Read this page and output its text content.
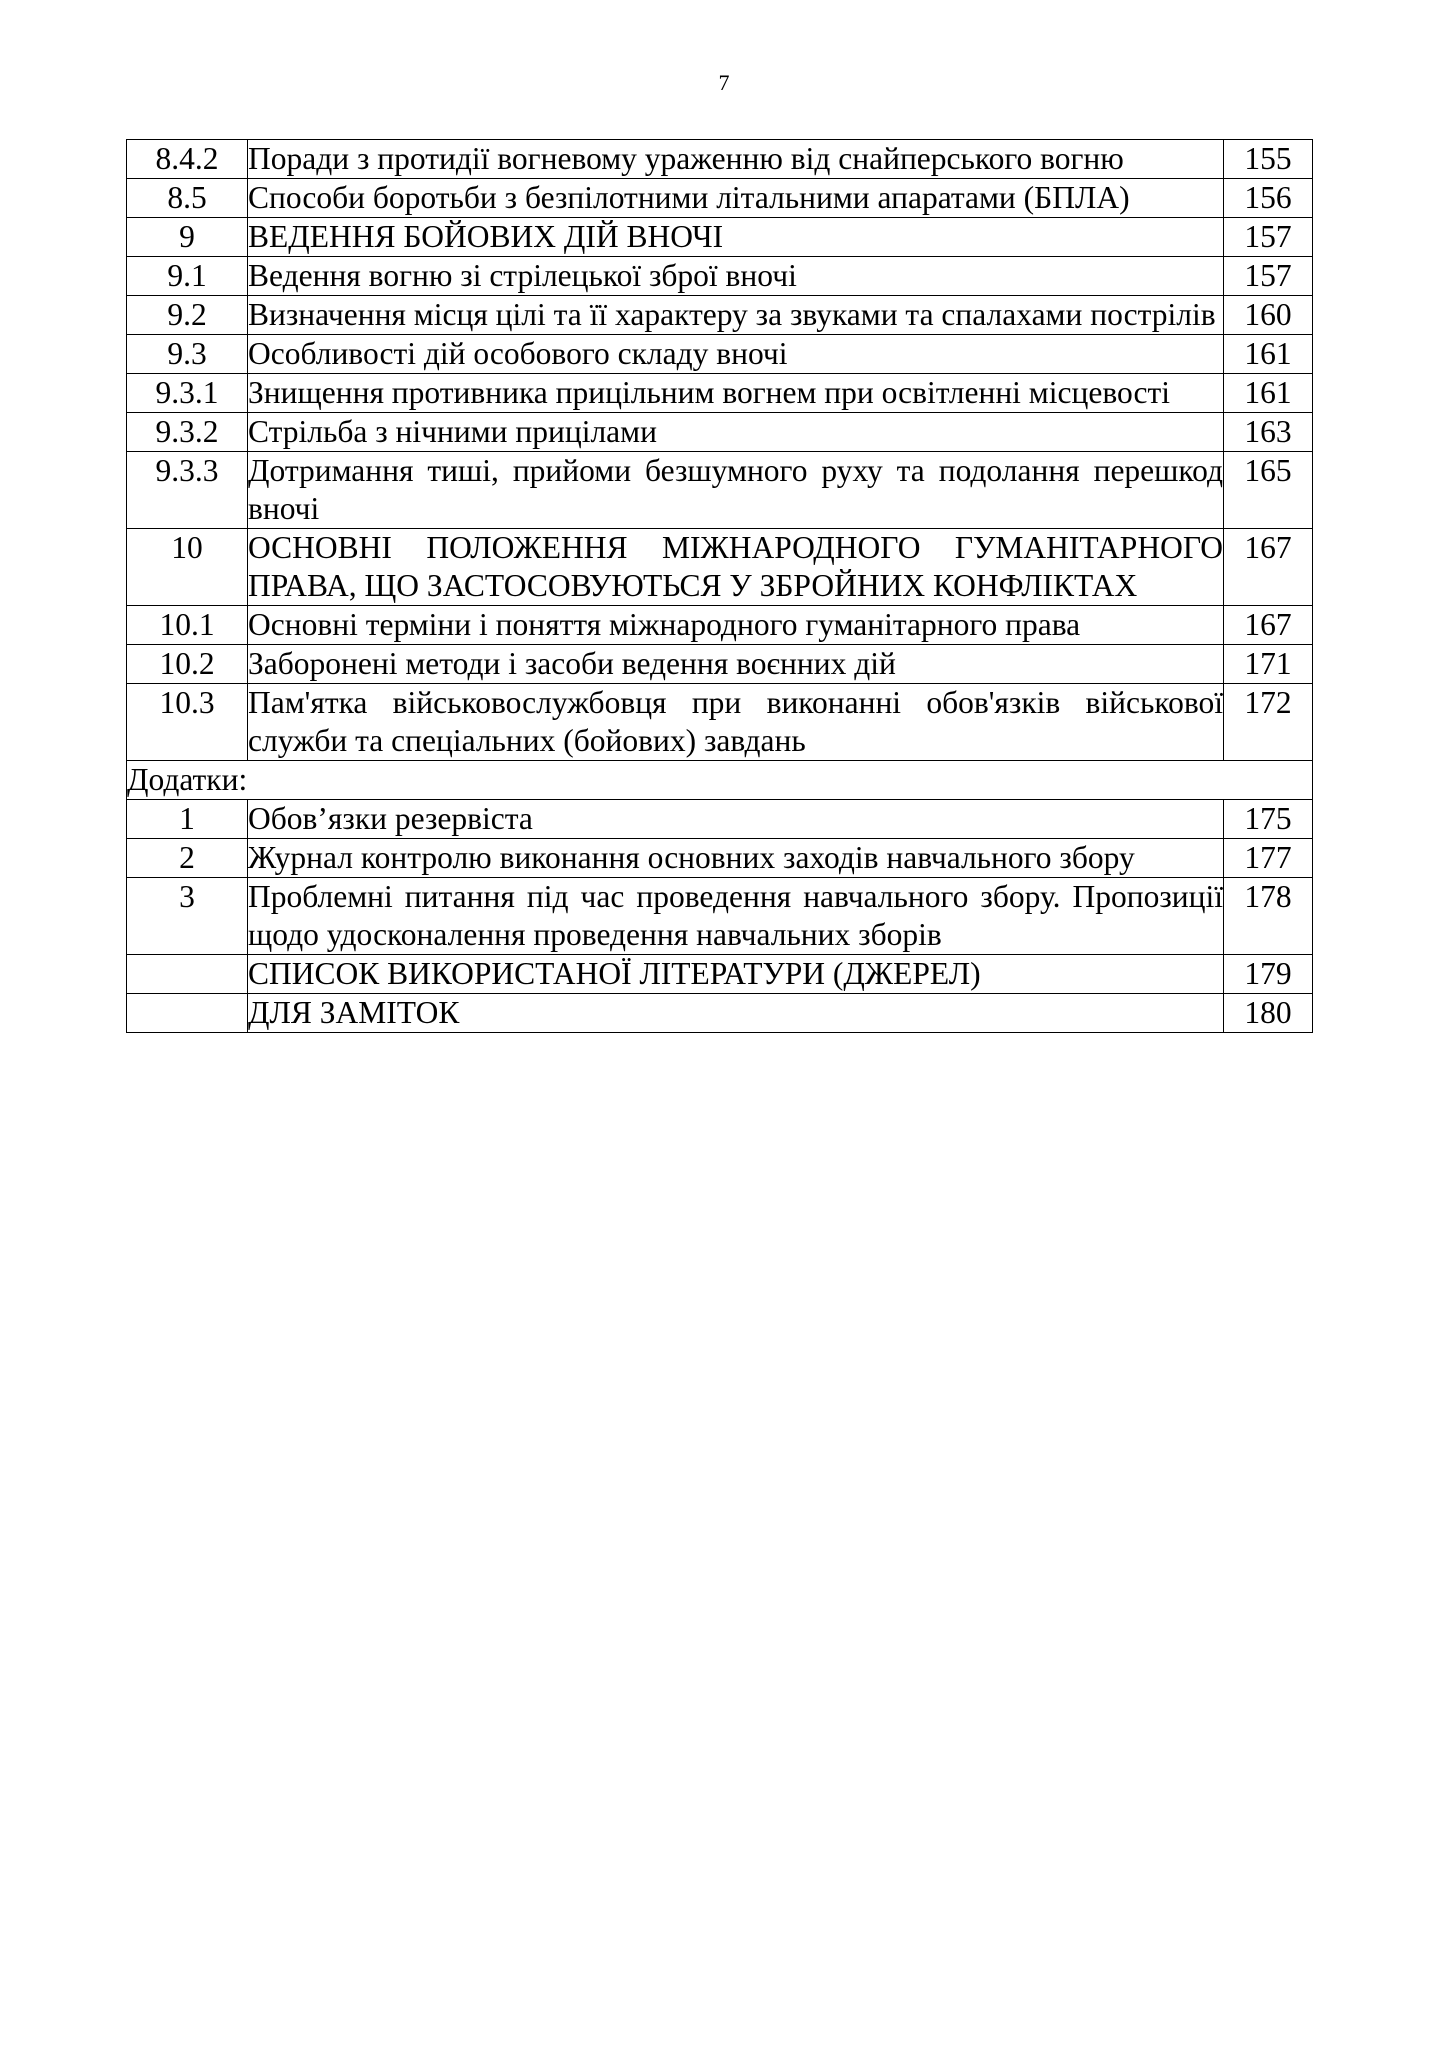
7
8.4.2	Поради з протидії вогневому ураженню від снайперського вогню	155
8.5	Способи боротьби з безпілотними літальними апаратами (БПЛА)	156
9	ВЕДЕННЯ БОЙОВИХ ДІЙ ВНОЧІ	157
9.1	Ведення вогню зі стрілецької зброї вночі	157
9.2	Визначення місця цілі та її характеру за звуками та спалахами пострілів	160
9.3	Особливості дій особового складу вночі	161
9.3.1	Знищення противника прицільним вогнем при освітленні місцевості	161
9.3.2	Стрільба з нічними прицілами	163
9.3.3	Дотримання тиші, прийоми безшумного руху та подолання перешкод вночі	165
10	ОСНОВНІ ПОЛОЖЕННЯ МІЖНАРОДНОГО ГУМАНІТАРНОГО ПРАВА, ЩО ЗАСТОСОВУЮТЬСЯ У ЗБРОЙНИХ КОНФЛІКТАХ	167
10.1	Основні терміни і поняття міжнародного гуманітарного права	167
10.2	Заборонені методи і засоби ведення воєнних дій	171
10.3	Пам'ятка військовослужбовця при виконанні обов'язків військової служби та спеціальних (бойових) завдань	172
Додатки:		
1	Обов’язки резервіста	175
2	Журнал контролю виконання основних заходів навчального збору	177
3	Проблемні питання під час проведення навчального збору. Пропозиції щодо удосконалення проведення навчальних зборів	178
	СПИСОК ВИКОРИСТАНОЇ ЛІТЕРАТУРИ (ДЖЕРЕЛ)	179
	ДЛЯ ЗАМІТОК	180
